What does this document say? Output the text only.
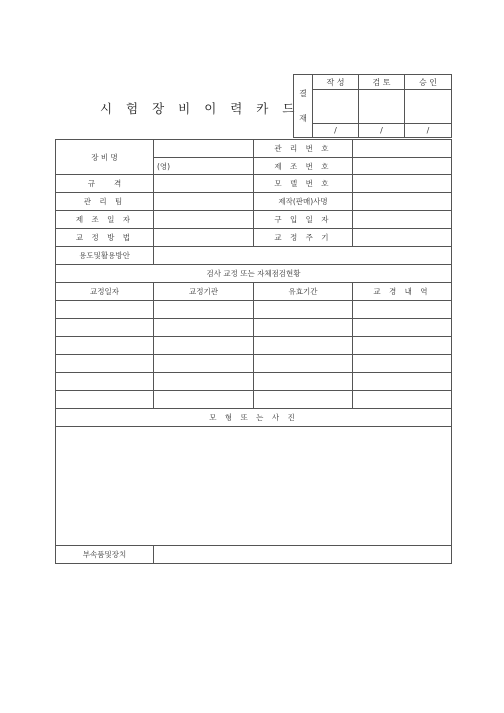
시 험 장 비 이 력 카 드
결
재	작 성	검 토	승 인

	/	/	/
장 비 명		관 리 번 호	
	(영)	제 조 번 호	
규        격		모 델 번 호	
관 리 팀		제작(판매)사명	
제 조 일 자		구 입 일 자	
교 정 방 법		교 정 주 기	
용도및활용방안			
검사 교정 또는 자체점검현황			
교정일자	교정기관	유효기간	교 경 내 역

모 형 또 는 사 진			

부속품및장치			
